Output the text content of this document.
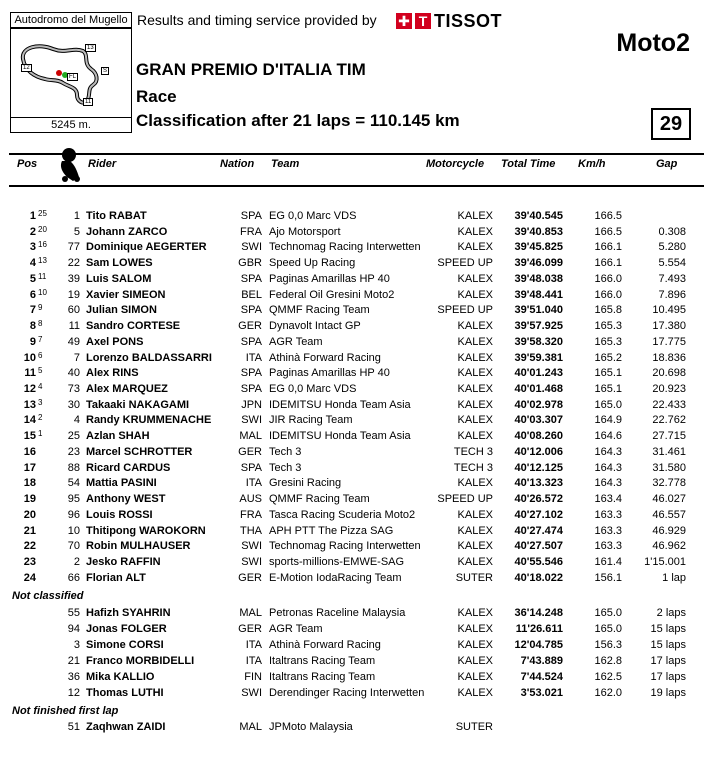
Autodromo del Mugello
13
12	S
FL
11
5245 m.
Results and timing service provided by ✚ T TISSOT
Moto2
GRAN PREMIO D'ITALIA TIM
Race
Classification after 21 laps = 110.145 km	29
Pos	Rider	Nation Team	Motorcycle Total Time Km/h	Gap
Not classified
Not finished first lap
1 25	1 Tito RABAT	SPA EG 0,0 Marc VDS	KALEX	39'40.545	166.5
2 20	5 Johann ZARCO	FRA Ajo Motorsport	KALEX	39'40.853	166.5	0.308
3 16	77 Dominique AEGERTER	SWI Technomag Racing Interwetten	KALEX	39'45.825	166.1	5.280
4 13	22 Sam LOWES	GBR Speed Up Racing	SPEED UP	39'46.099	166.1	5.554
5 11	39 Luis SALOM	SPA Paginas Amarillas HP 40	KALEX	39'48.038	166.0	7.493
6 10	19 Xavier SIMEON	BEL Federal Oil Gresini Moto2	KALEX	39'48.441	166.0	7.896
7 9	60 Julian SIMON	SPA QMMF Racing Team	SPEED UP	39'51.040	165.8	10.495
8 8	11 Sandro CORTESE	GER Dynavolt Intact GP	KALEX	39'57.925	165.3	17.380
9 7	49 Axel PONS	SPA AGR Team	KALEX	39'58.320	165.3	17.775
10 6	7 Lorenzo BALDASSARRI	ITA Athinà Forward Racing	KALEX	39'59.381	165.2	18.836
11 5	40 Alex RINS	SPA Paginas Amarillas HP 40	KALEX	40'01.243	165.1	20.698
12 4	73 Alex MARQUEZ	SPA EG 0,0 Marc VDS	KALEX	40'01.468	165.1	20.923
13 3	30 Takaaki NAKAGAMI	JPN IDEMITSU Honda Team Asia	KALEX	40'02.978	165.0	22.433
14 2	4 Randy KRUMMENACHE	SWI JIR Racing Team	KALEX	40'03.307	164.9	22.762
15 1	25 Azlan SHAH	MAL IDEMITSU Honda Team Asia	KALEX	40'08.260	164.6	27.715
16	23 Marcel SCHROTTER	GER Tech 3	TECH 3	40'12.006	164.3	31.461
17	88 Ricard CARDUS	SPA Tech 3	TECH 3	40'12.125	164.3	31.580
18	54 Mattia PASINI	ITA Gresini Racing	KALEX	40'13.323	164.3	32.778
19	95 Anthony WEST	AUS QMMF Racing Team	SPEED UP	40'26.572	163.4	46.027
20	96 Louis ROSSI	FRA Tasca Racing Scuderia Moto2	KALEX	40'27.102	163.3	46.557
21	10 Thitipong WAROKORN	THA APH PTT The Pizza SAG	KALEX	40'27.474	163.3	46.929
22	70 Robin MULHAUSER	SWI Technomag Racing Interwetten	KALEX	40'27.507	163.3	46.962
23	2 Jesko RAFFIN	SWI sports-millions-EMWE-SAG	KALEX	40'55.546	161.4	1'15.001
24	66 Florian ALT	GER E-Motion IodaRacing Team	SUTER	40'18.022	156.1	1 lap
55 Hafizh SYAHRIN	MAL Petronas Raceline Malaysia	KALEX	36'14.248	165.0	2 laps
94 Jonas FOLGER	GER AGR Team	KALEX	11'26.611	165.0	15 laps
3 Simone CORSI	ITA Athinà Forward Racing	KALEX	12'04.785	156.3	15 laps
21 Franco MORBIDELLI	ITA Italtrans Racing Team	KALEX	7'43.889	162.8	17 laps
36 Mika KALLIO	FIN Italtrans Racing Team	KALEX	7'44.524	162.5	17 laps
12 Thomas LUTHI	SWI Derendinger Racing Interwetten	KALEX	3'53.021	162.0	19 laps
51 Zaqhwan ZAIDI	MAL JPMoto Malaysia	SUTER
